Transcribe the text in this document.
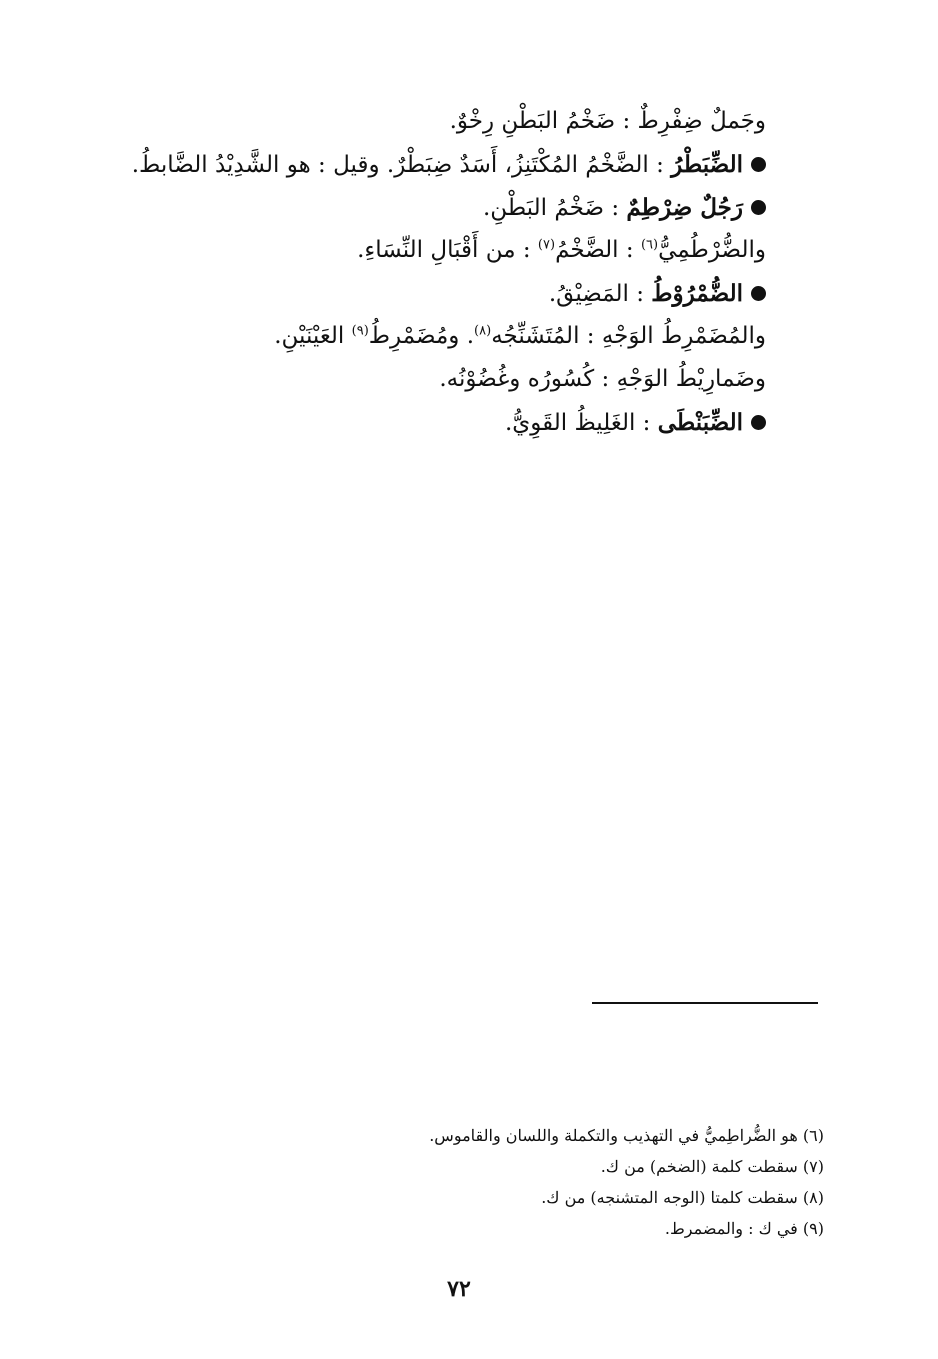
وجَملٌ ضِفْرِطٌ : ضَخْمُ البَطْنِ رِخْوٌ.
الضِّبَطْرُ : الضَّخْمُ المُكْتَنِزُ، أَسَدٌ ضِبَطْرٌ. وقيل : هو الشَّدِيْدُ الضَّابطُ.
رَجُلٌ ضِرْطِمٌ : ضَخْمُ البَطْنِ.
والضُّرْطُمِيُّ$^{(٦)}$ : الضَّخْمُ$^{(٧)}$ : من أَقْبَالِ النِّسَاءِ.
الضُّمْرُوْطُ : المَضِيْقُ.
والمُضَمْرِطُ الوَجْهِ : المُتَشَنِّجُه$^{(٨)}$. ومُضَمْرِطُ$^{(٩)}$ العَيْنَيْنِ.
وضَمارِيْطُ الوَجْهِ : كُسُورُه وغُضُوْنُه.
الضِّبَنْطَى : الغَلِيظُ القَوِيُّ.
(٦) هو الضُّراطِميُّ في التهذيب والتكملة واللسان والقاموس.
(٧) سقطت كلمة (الضخم) من ك.
(٨) سقطت كلمتا (الوجه المتشنجه) من ك.
(٩) في ك : والمضمرط.
٧٢
